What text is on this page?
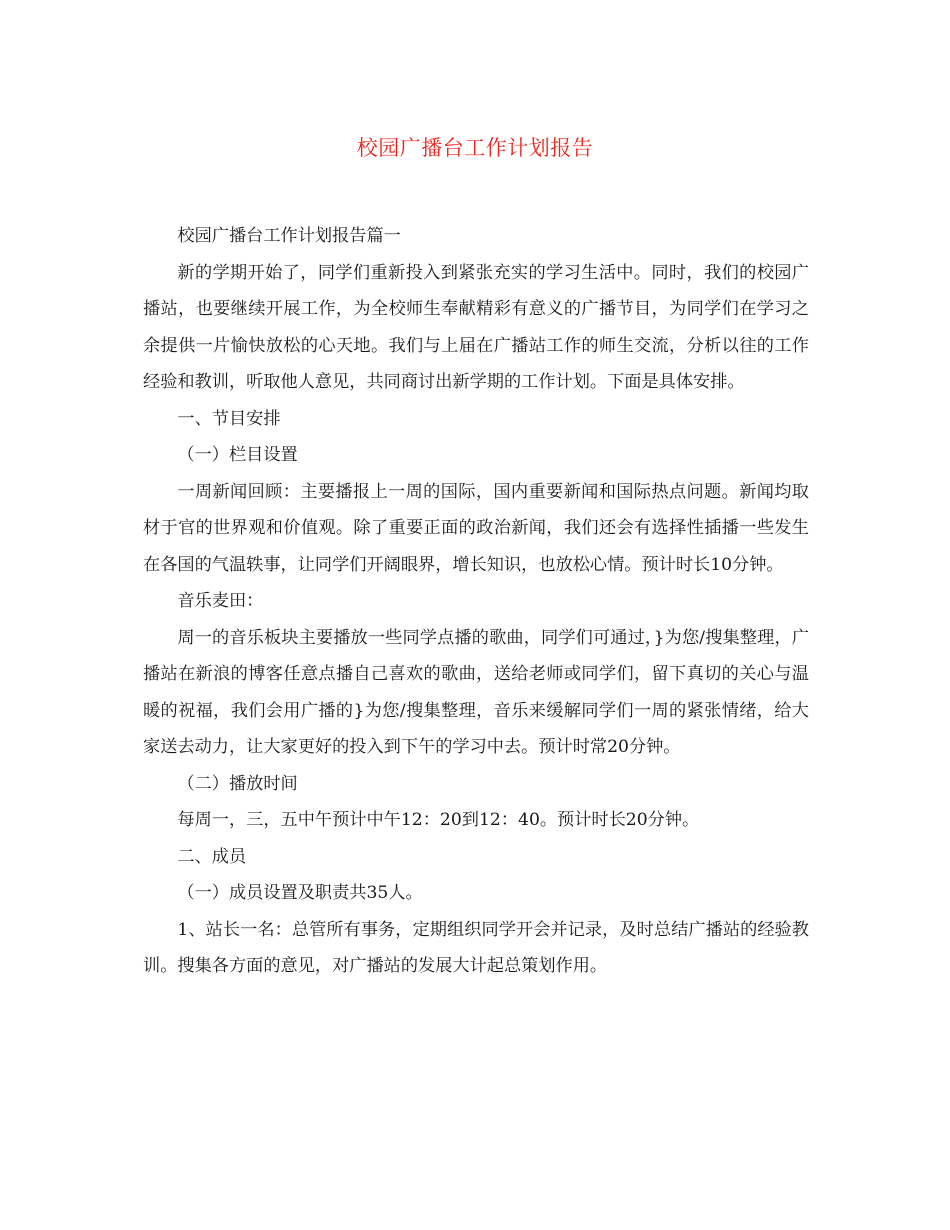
校园广播台工作计划报告

校园广播台工作计划报告篇一

新的学期开始了，同学们重新投入到紧张充实的学习生活中。同时，我们的校园广播站，也要继续开展工作，为全校师生奉献精彩有意义的广播节目，为同学们在学习之余提供一片愉快放松的心天地。我们与上届在广播站工作的师生交流，分析以往的工作经验和教训，听取他人意见，共同商讨出新学期的工作计划。下面是具体安排。

一、节目安排

（一）栏目设置

一周新闻回顾：主要播报上一周的国际，国内重要新闻和国际热点问题。新闻均取材于官的世界观和价值观。除了重要正面的政治新闻，我们还会有选择性插播一些发生在各国的气温轶事，让同学们开阔眼界，增长知识，也放松心情。预计时长10分钟。

音乐麦田：

周一的音乐板块主要播放一些同学点播的歌曲，同学们可通过，}为您/搜集整理，广播站在新浪的博客任意点播自己喜欢的歌曲，送给老师或同学们，留下真切的关心与温暖的祝福，我们会用广播的}为您/搜集整理，音乐来缓解同学们一周的紧张情绪，给大家送去动力，让大家更好的投入到下午的学习中去。预计时常20分钟。

（二）播放时间

每周一，三，五中午预计中午12：20到12：40。预计时长20分钟。

二、成员

（一）成员设置及职责共35人。

1、站长一名：总管所有事务，定期组织同学开会并记录，及时总结广播站的经验教训。搜集各方面的意见，对广播站的发展大计起总策划作用。
